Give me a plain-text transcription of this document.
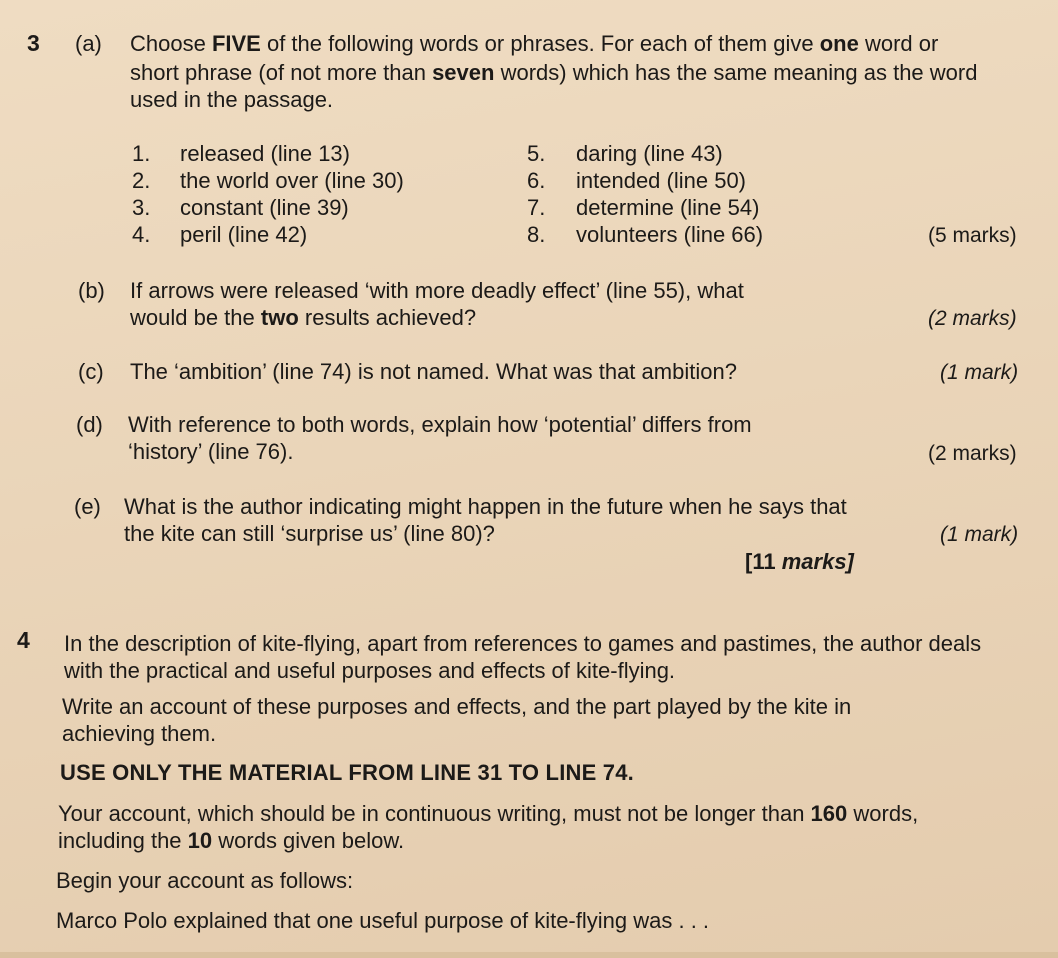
3 (a) Choose FIVE of the following words or phrases. For each of them give one word or
short phrase (of not more than seven words) which has the same meaning as the word
used in the passage.
1. released (line 13)
2. the world over (line 30)
3. constant (line 39)
4. peril (line 42)
5. daring (line 43)
6. intended (line 50)
7. determine (line 54)
8. volunteers (line 66)	(5 marks)
(b) If arrows were released ‘with more deadly effect’ (line 55), what
would be the two results achieved?	(2 marks)
(c) The ‘ambition’ (line 74) is not named. What was that ambition?	(1 mark)
(d) With reference to both words, explain how ‘potential’ differs from
‘history’ (line 76).	(2 marks)
(e) What is the author indicating might happen in the future when he says that
the kite can still ‘surprise us’ (line 80)?	(1 mark)
[11 marks]
4 In the description of kite-flying, apart from references to games and pastimes, the author deals
with the practical and useful purposes and effects of kite-flying.
Write an account of these purposes and effects, and the part played by the kite in
achieving them.
USE ONLY THE MATERIAL FROM LINE 31 TO LINE 74.
Your account, which should be in continuous writing, must not be longer than 160 words,
including the 10 words given below.
Begin your account as follows:
Marco Polo explained that one useful purpose of kite-flying was . . .
